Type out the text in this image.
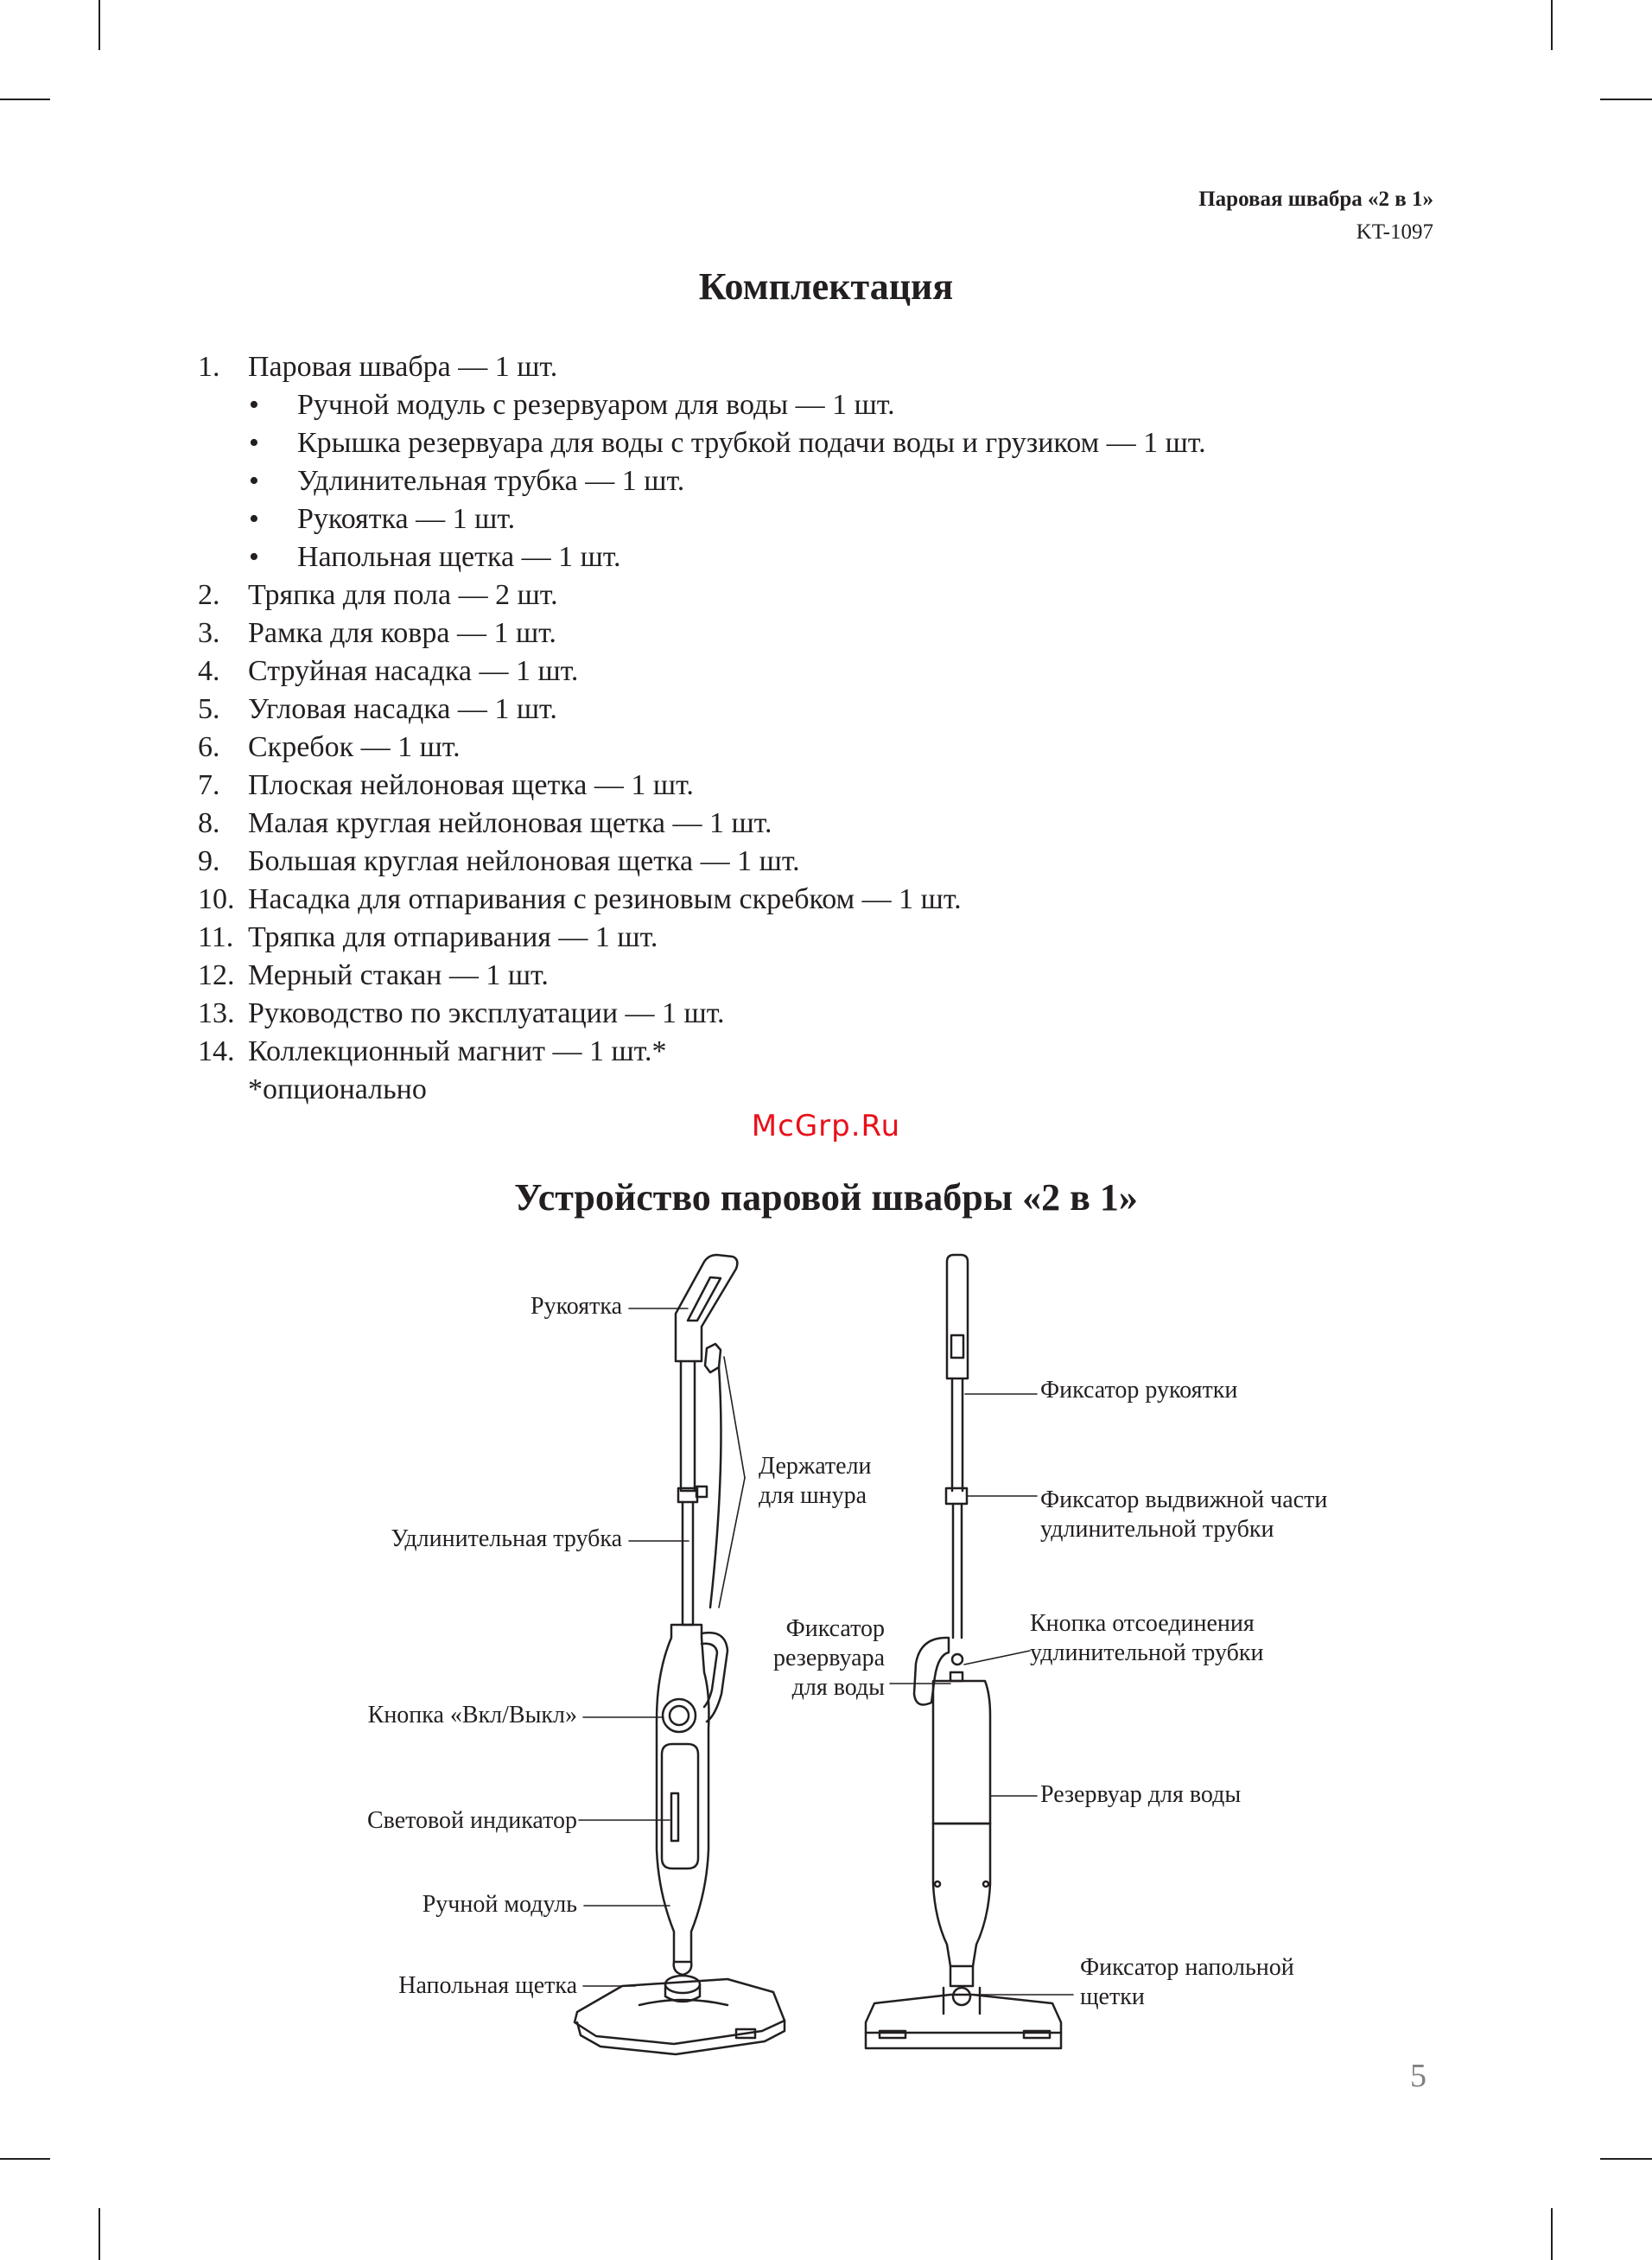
Паровая швабра «2 в 1»
KT-1097
Комплектация
1. Паровая швабра — 1 шт.
• Ручной модуль с резервуаром для воды — 1 шт.
• Крышка резервуара для воды с трубкой подачи воды и грузиком — 1 шт.
• Удлинительная трубка — 1 шт.
• Рукоятка — 1 шт.
• Напольная щетка — 1 шт.
2. Тряпка для пола — 2 шт.
3. Рамка для ковра — 1 шт.
4. Струйная насадка — 1 шт.
5. Угловая насадка — 1 шт.
6. Скребок — 1 шт.
7. Плоская нейлоновая щетка — 1 шт.
8. Малая круглая нейлоновая щетка — 1 шт.
9. Большая круглая нейлоновая щетка — 1 шт.
10. Насадка для отпаривания с резиновым скребком — 1 шт.
11. Тряпка для отпаривания — 1 шт.
12. Мерный стакан — 1 шт.
13. Руководство по эксплуатации — 1 шт.
14. Коллекционный магнит — 1 шт.*
*опционально
McGrp.Ru
Устройство паровой швабры «2 в 1»
Рукоятка
Держатели
для шнура
Удлинительная трубка
Кнопка «Вкл/Выкл»
Световой индикатор
Ручной модуль
Напольная щетка
Фиксатор рукоятки
Фиксатор выдвижной части
удлинительной трубки
Фиксатор
резервуара
для воды
Кнопка отсоединения
удлинительной трубки
Резервуар для воды
Фиксатор напольной
щетки
5
